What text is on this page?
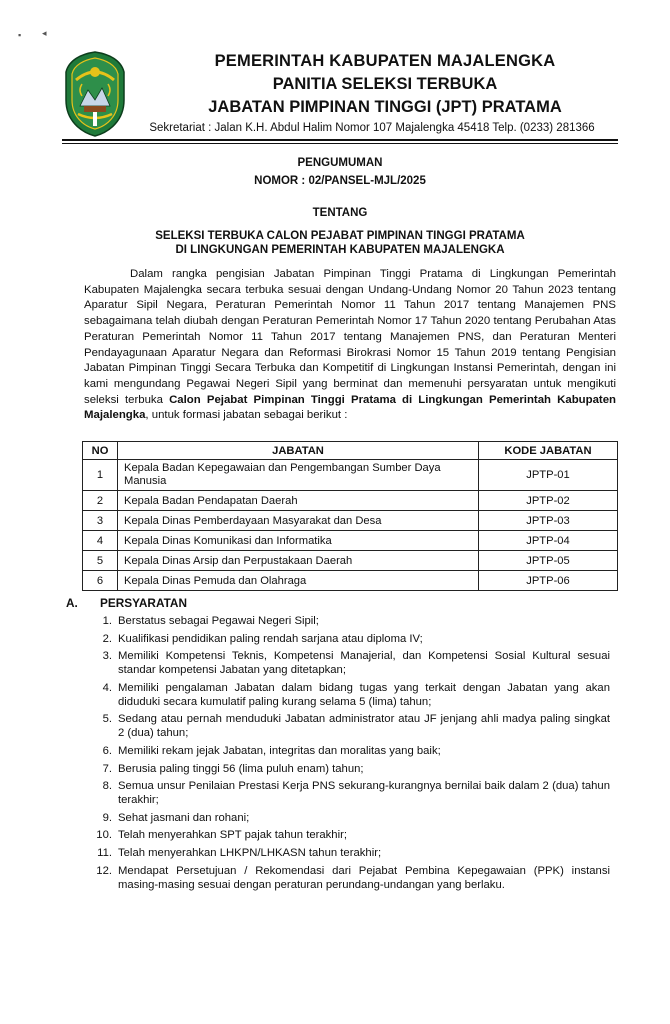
▪ ◂
PEMERINTAH KABUPATEN MAJALENGKA
PANITIA SELEKSI TERBUKA
JABATAN PIMPINAN TINGGI (JPT) PRATAMA
Sekretariat : Jalan K.H. Abdul Halim Nomor 107 Majalengka 45418 Telp. (0233) 281366
PENGUMUMAN
NOMOR : 02/PANSEL-MJL/2025
TENTANG
SELEKSI TERBUKA CALON PEJABAT PIMPINAN TINGGI PRATAMA
DI LINGKUNGAN PEMERINTAH KABUPATEN MAJALENGKA
Dalam rangka pengisian Jabatan Pimpinan Tinggi Pratama di Lingkungan Pemerintah Kabupaten Majalengka secara terbuka sesuai dengan Undang-Undang Nomor 20 Tahun 2023 tentang Aparatur Sipil Negara, Peraturan Pemerintah Nomor 11 Tahun 2017 tentang Manajemen PNS sebagaimana telah diubah dengan Peraturan Pemerintah Nomor 17 Tahun 2020 tentang Perubahan Atas Peraturan Pemerintah Nomor 11 Tahun 2017 tentang Manajemen PNS, dan Peraturan Menteri Pendayagunaan Aparatur Negara dan Reformasi Birokrasi Nomor 15 Tahun 2019 tentang Pengisian Jabatan Pimpinan Tinggi Secara Terbuka dan Kompetitif di Lingkungan Instansi Pemerintah, dengan ini kami mengundang Pegawai Negeri Sipil yang berminat dan memenuhi persyaratan untuk mengikuti seleksi terbuka Calon Pejabat Pimpinan Tinggi Pratama di Lingkungan Pemerintah Kabupaten Majalengka, untuk formasi jabatan sebagai berikut :
NO	JABATAN	KODE JABATAN
1	Kepala Badan Kepegawaian dan Pengembangan Sumber Daya Manusia	JPTP-01
2	Kepala Badan Pendapatan Daerah	JPTP-02
3	Kepala Dinas Pemberdayaan Masyarakat dan Desa	JPTP-03
4	Kepala Dinas Komunikasi dan Informatika	JPTP-04
5	Kepala Dinas Arsip dan Perpustakaan Daerah	JPTP-05
6	Kepala Dinas Pemuda dan Olahraga	JPTP-06
A. PERSYARATAN
1. Berstatus sebagai Pegawai Negeri Sipil;
2. Kualifikasi pendidikan paling rendah sarjana atau diploma IV;
3. Memiliki Kompetensi Teknis, Kompetensi Manajerial, dan Kompetensi Sosial Kultural sesuai standar kompetensi Jabatan yang ditetapkan;
4. Memiliki pengalaman Jabatan dalam bidang tugas yang terkait dengan Jabatan yang akan diduduki secara kumulatif paling kurang selama 5 (lima) tahun;
5. Sedang atau pernah menduduki Jabatan administrator atau JF jenjang ahli madya paling singkat 2 (dua) tahun;
6. Memiliki rekam jejak Jabatan, integritas dan moralitas yang baik;
7. Berusia paling tinggi 56 (lima puluh enam) tahun;
8. Semua unsur Penilaian Prestasi Kerja PNS sekurang-kurangnya bernilai baik dalam 2 (dua) tahun terakhir;
9. Sehat jasmani dan rohani;
10. Telah menyerahkan SPT pajak tahun terakhir;
11. Telah menyerahkan LHKPN/LHKASN tahun terakhir;
12. Mendapat Persetujuan / Rekomendasi dari Pejabat Pembina Kepegawaian (PPK) instansi masing-masing sesuai dengan peraturan perundang-undangan yang berlaku.
